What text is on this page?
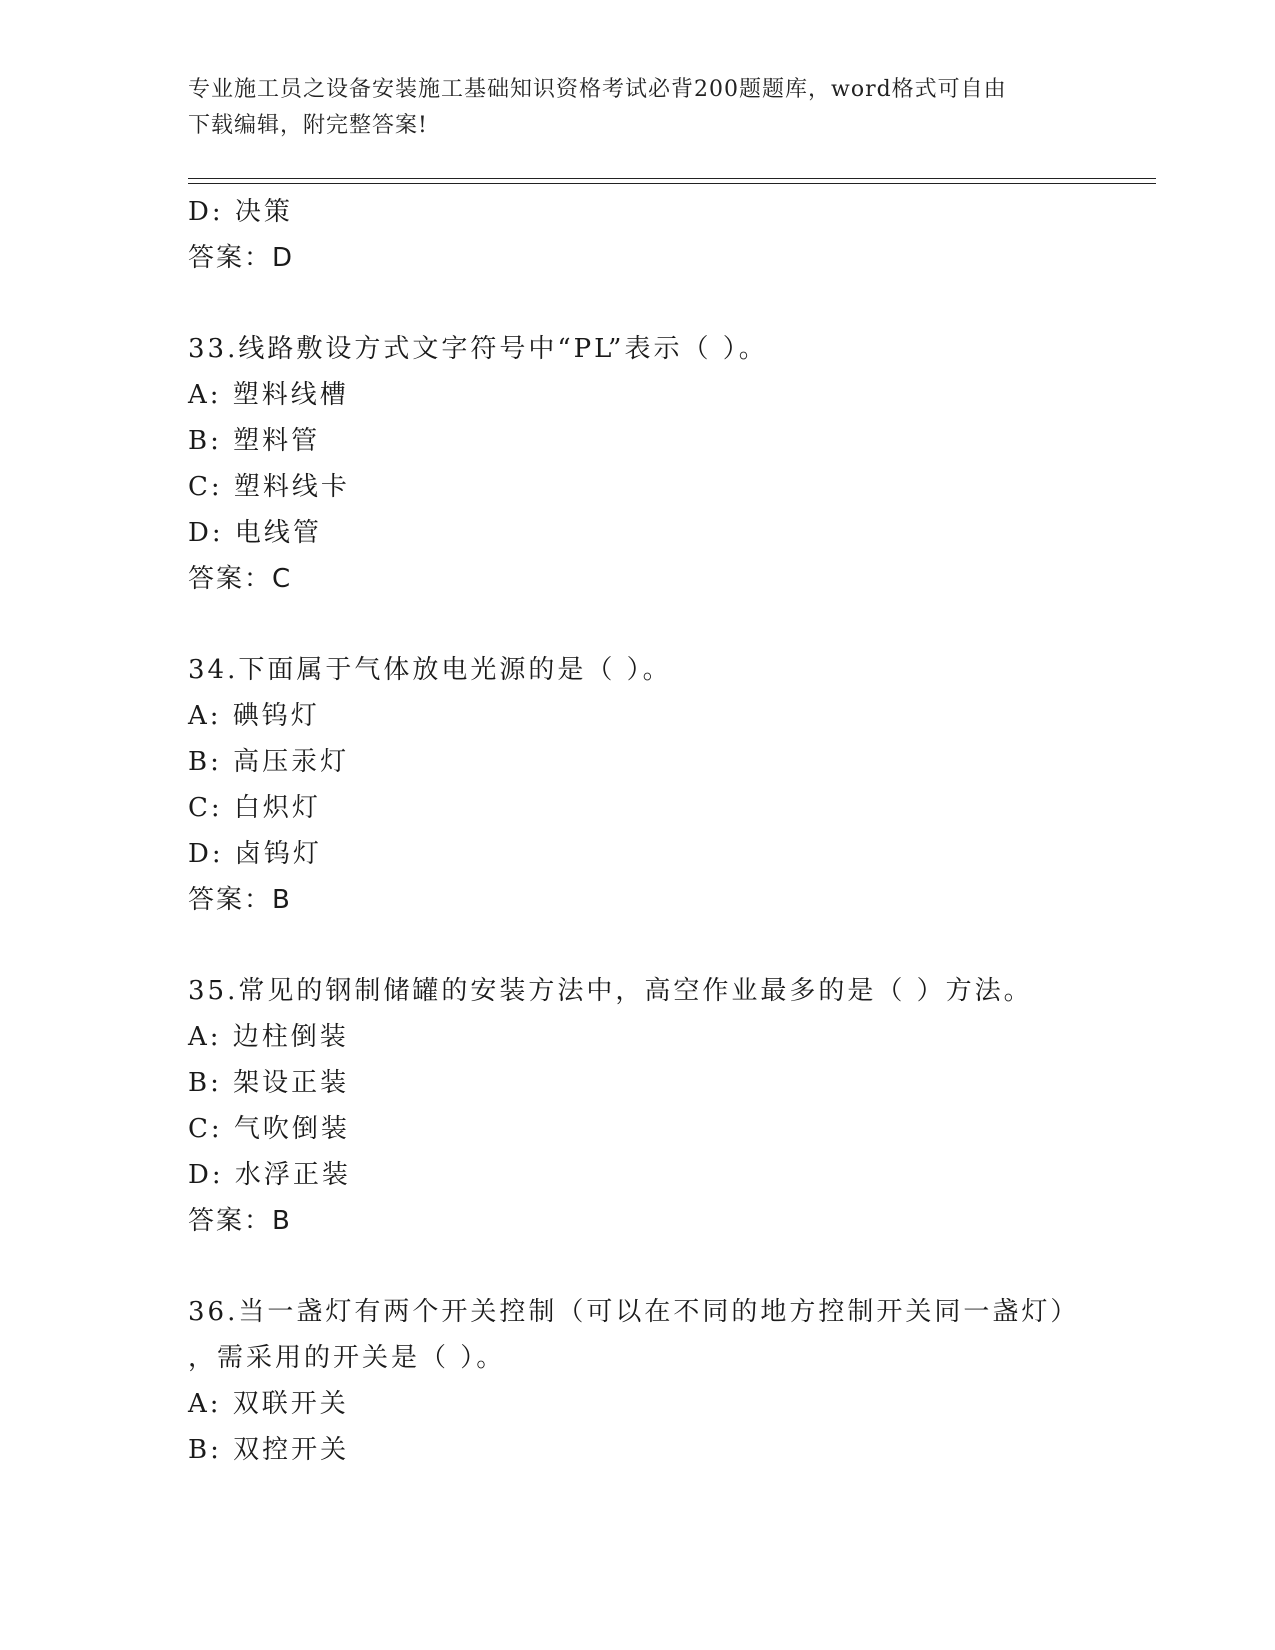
专业施工员之设备安装施工基础知识资格考试必背200题题库，word格式可自由
下载编辑，附完整答案!
D: 决策
答案：D
33.线路敷设方式文字符号中“PL”表示（ ）。
A: 塑料线槽
B: 塑料管
C: 塑料线卡
D: 电线管
答案：C
34.下面属于气体放电光源的是（ ）。
A: 碘钨灯
B: 高压汞灯
C: 白炽灯
D: 卤钨灯
答案：B
35.常见的钢制储罐的安装方法中，高空作业最多的是（ ）方法。
A: 边柱倒装
B: 架设正装
C: 气吹倒装
D: 水浮正装
答案：B
36.当一盏灯有两个开关控制（可以在不同的地方控制开关同一盏灯）
，需采用的开关是（ ）。
A: 双联开关
B: 双控开关
